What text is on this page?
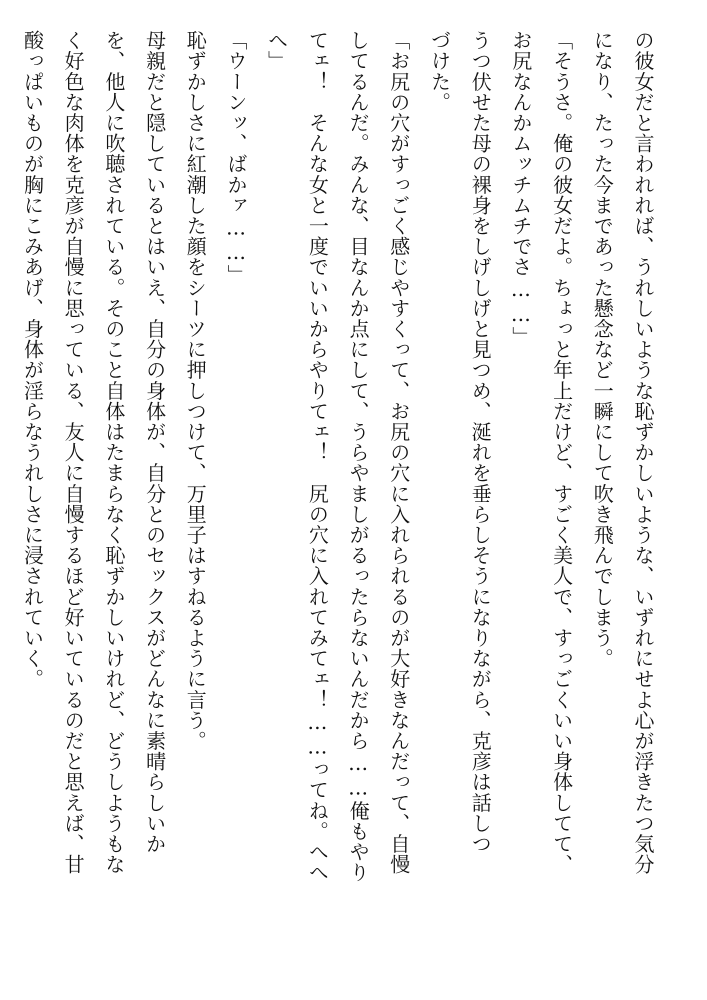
の彼女だと言われれば、うれしいような恥ずかしいような、いずれにせよ心が浮きたつ気分
になり、たった今まであった懸念など一瞬にして吹き飛んでしまう。
「そうさ。俺の彼女だよ。ちょっと年上だけど、すごく美人で、すっごくいい身体してて、
お尻なんかムッチムチでさ……」
うつ伏せた母の裸身をしげしげと見つめ、涎れを垂らしそうになりながら、克彦は話しつ
づけた。
「お尻の穴がすっごく感じやすくって、お尻の穴に入れられるのが大好きなんだって、自慢
してるんだ。みんな、目なんか点にして、うらやましがるったらないんだから……俺もやり
てェ！　そんな女と一度でいいからやりてェ！　尻の穴に入れてみてェ！……ってね。へへ
へ」
「ウーンッ、ばかァ……」
恥ずかしさに紅潮した顔をシーツに押しつけて、万里子はすねるように言う。
母親だと隠しているとはいえ、自分の身体が、自分とのセックスがどんなに素晴らしいか
を、他人に吹聴されている。そのこと自体はたまらなく恥ずかしいけれど、どうしようもな
く好色な肉体を克彦が自慢に思っている、友人に自慢するほど好いているのだと思えば、甘
酸っぱいものが胸にこみあげ、身体が淫らなうれしさに浸されていく。
